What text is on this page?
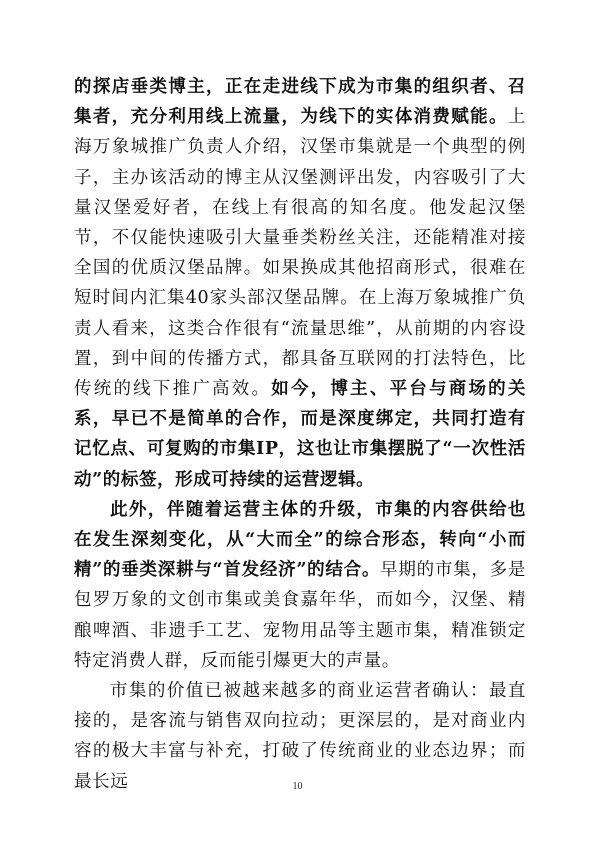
的探店垂类博主，正在走进线下成为市集的组织者、召集者，充分利用线上流量，为线下的实体消费赋能。上海万象城推广负责人介绍，汉堡市集就是一个典型的例子，主办该活动的博主从汉堡测评出发，内容吸引了大量汉堡爱好者，在线上有很高的知名度。他发起汉堡节，不仅能快速吸引大量垂类粉丝关注，还能精准对接全国的优质汉堡品牌。如果换成其他招商形式，很难在短时间内汇集40家头部汉堡品牌。在上海万象城推广负责人看来，这类合作很有“流量思维”，从前期的内容设置，到中间的传播方式，都具备互联网的打法特色，比传统的线下推广高效。如今，博主、平台与商场的关系，早已不是简单的合作，而是深度绑定，共同打造有记忆点、可复购的市集IP，这也让市集摆脱了“一次性活动”的标签，形成可持续的运营逻辑。

此外，伴随着运营主体的升级，市集的内容供给也在发生深刻变化，从“大而全”的综合形态，转向“小而精”的垂类深耕与“首发经济”的结合。早期的市集，多是包罗万象的文创市集或美食嘉年华，而如今，汉堡、精酿啤酒、非遗手工艺、宠物用品等主题市集，精准锁定特定消费人群，反而能引爆更大的声量。

市集的价值已被越来越多的商业运营者确认：最直接的，是客流与销售双向拉动；更深层的，是对商业内容的极大丰富与补充，打破了传统商业的业态边界；而最长远	10
